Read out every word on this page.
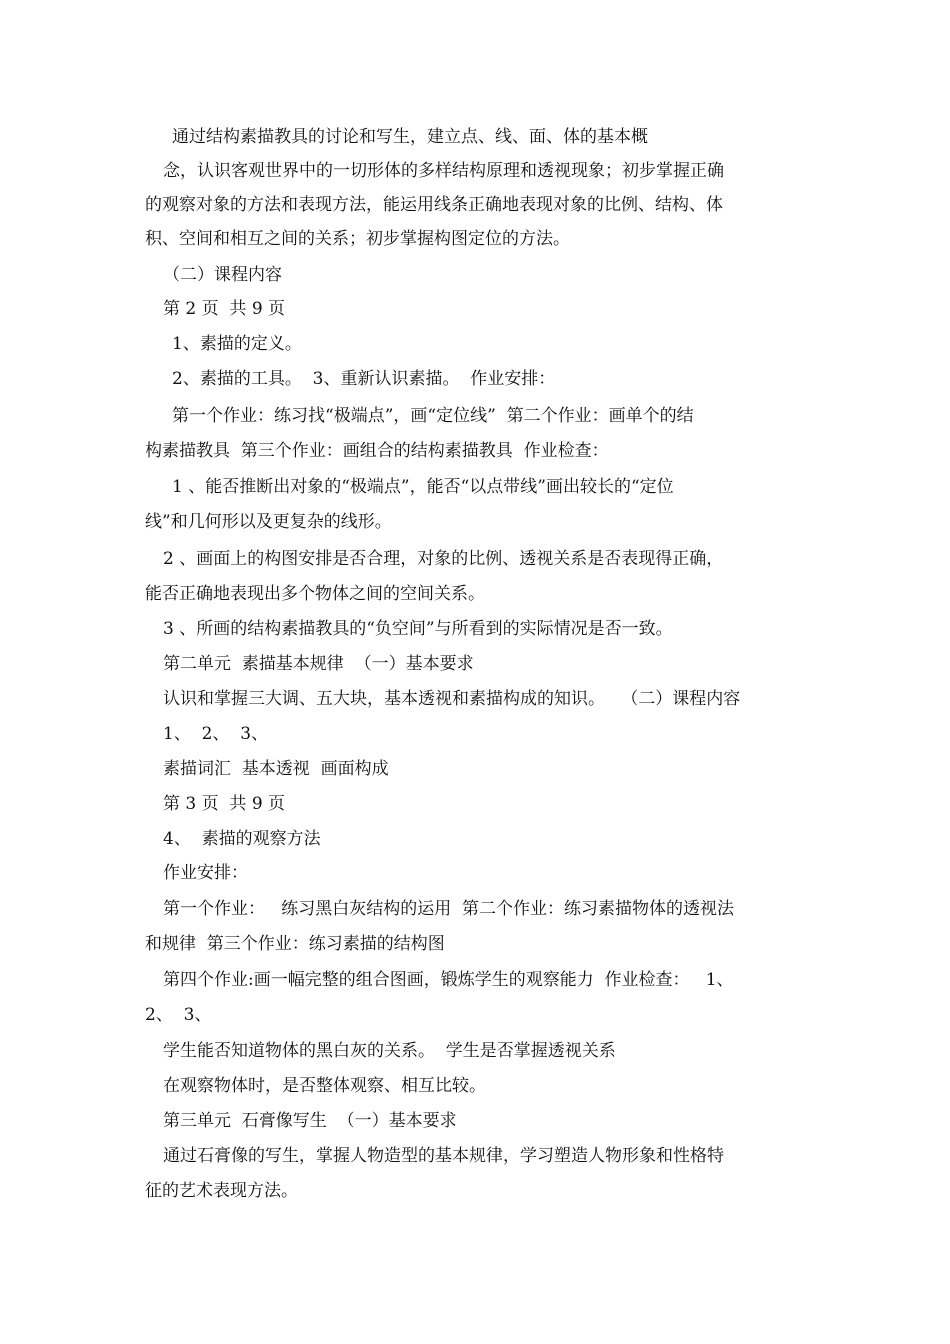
通过结构素描教具的讨论和写生，建立点、线、面、体的基本概
念，认识客观世界中的一切形体的多样结构原理和透视现象；初步掌握正确
的观察对象的方法和表现方法，能运用线条正确地表现对象的比例、结构、体
积、空间和相互之间的关系；初步掌握构图定位的方法。
（二）课程内容
第 2 页  共 9 页
1、素描的定义。
2、素描的工具。  3、重新认识素描。  作业安排：
第一个作业：练习找“极端点”，画“定位线”  第二个作业：画单个的结
构素描教具  第三个作业：画组合的结构素描教具  作业检查：
1 、能否推断出对象的“极端点”，能否“以点带线”画出较长的“定位
线”和几何形以及更复杂的线形。
2 、画面上的构图安排是否合理，对象的比例、透视关系是否表现得正确，
能否正确地表现出多个物体之间的空间关系。
3 、所画的结构素描教具的“负空间”与所看到的实际情况是否一致。
第二单元  素描基本规律  （一）基本要求
认识和掌握三大调、五大块，基本透视和素描构成的知识。   （二）课程内容
1、  2、  3、
素描词汇  基本透视  画面构成
第 3 页  共 9 页
4、  素描的观察方法
作业安排：
第一个作业：   练习黑白灰结构的运用  第二个作业：练习素描物体的透视法
和规律  第三个作业：练习素描的结构图
第四个作业:画一幅完整的组合图画，锻炼学生的观察能力  作业检查：   1、
2、  3、
学生能否知道物体的黑白灰的关系。  学生是否掌握透视关系
在观察物体时，是否整体观察、相互比较。
第三单元  石膏像写生  （一）基本要求
通过石膏像的写生，掌握人物造型的基本规律，学习塑造人物形象和性格特
征的艺术表现方法。
